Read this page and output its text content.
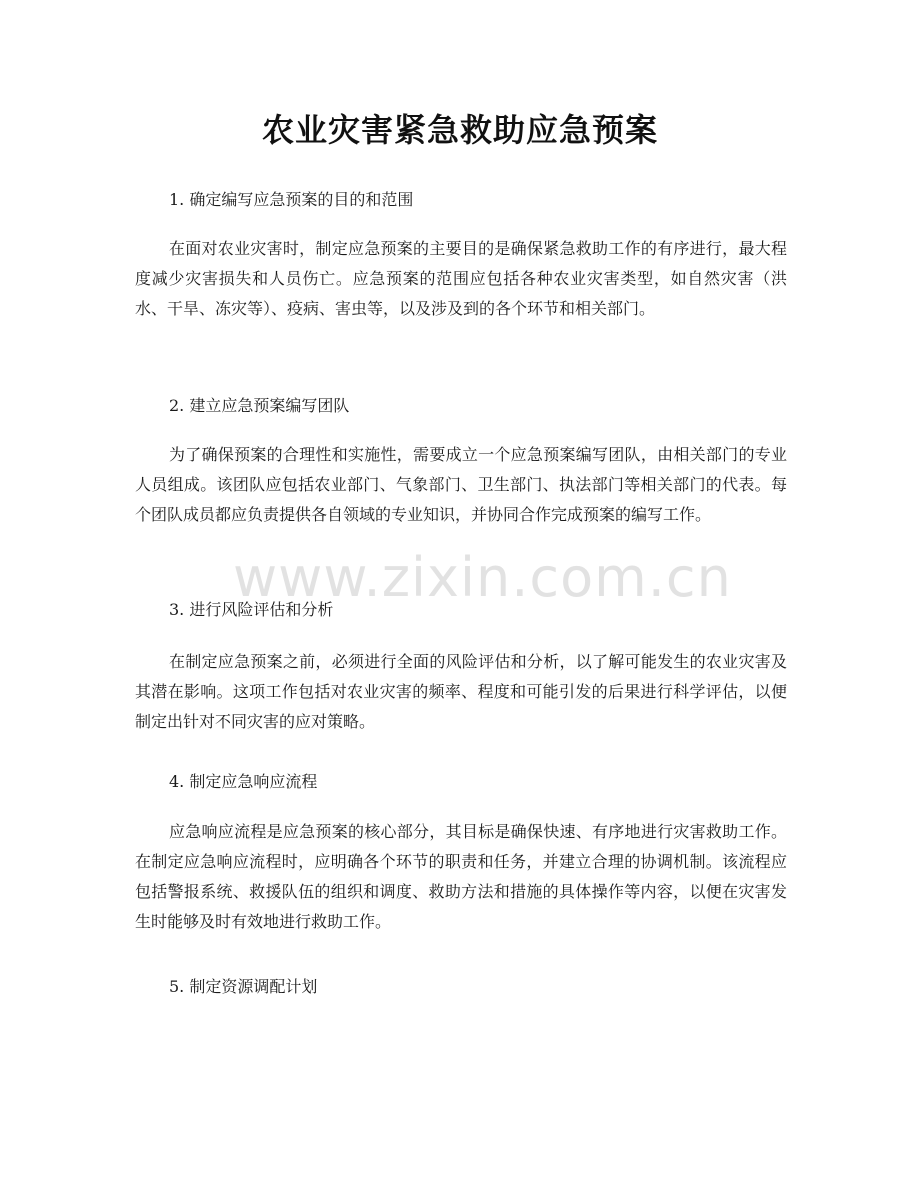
农业灾害紧急救助应急预案
1. 确定编写应急预案的目的和范围
在面对农业灾害时，制定应急预案的主要目的是确保紧急救助工作的有序进行，最大程度减少灾害损失和人员伤亡。应急预案的范围应包括各种农业灾害类型，如自然灾害（洪水、干旱、冻灾等）、疫病、害虫等，以及涉及到的各个环节和相关部门。
2. 建立应急预案编写团队
为了确保预案的合理性和实施性，需要成立一个应急预案编写团队，由相关部门的专业人员组成。该团队应包括农业部门、气象部门、卫生部门、执法部门等相关部门的代表。每个团队成员都应负责提供各自领域的专业知识，并协同合作完成预案的编写工作。
3. 进行风险评估和分析
在制定应急预案之前，必须进行全面的风险评估和分析，以了解可能发生的农业灾害及其潜在影响。这项工作包括对农业灾害的频率、程度和可能引发的后果进行科学评估，以便制定出针对不同灾害的应对策略。
4. 制定应急响应流程
应急响应流程是应急预案的核心部分，其目标是确保快速、有序地进行灾害救助工作。在制定应急响应流程时，应明确各个环节的职责和任务，并建立合理的协调机制。该流程应包括警报系统、救援队伍的组织和调度、救助方法和措施的具体操作等内容，以便在灾害发生时能够及时有效地进行救助工作。
5. 制定资源调配计划
www.zixin.com.cn
